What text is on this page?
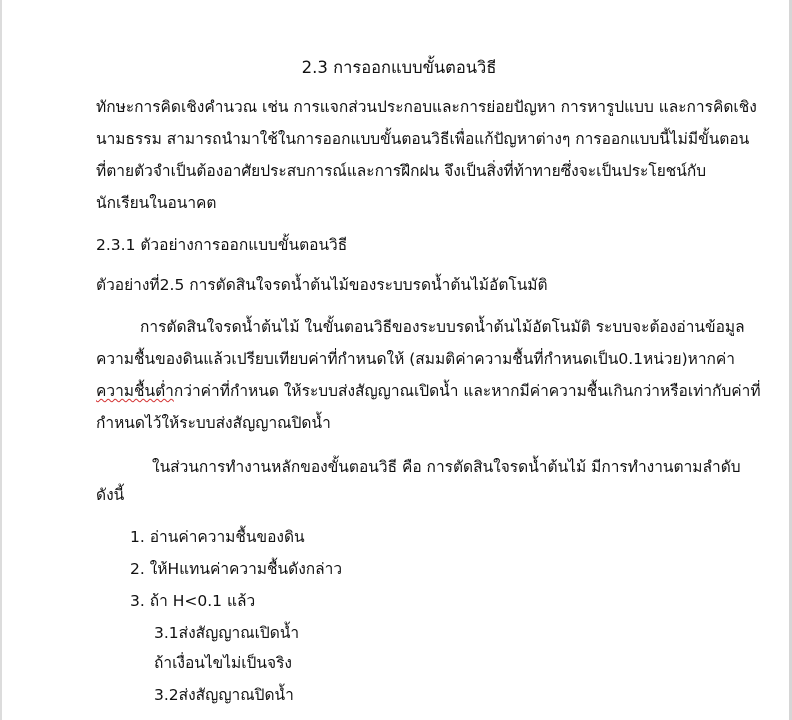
2.3 การออกแบบขั้นตอนวิธี
ทักษะการคิดเชิงคำนวณ เช่น การแจกส่วนประกอบและการย่อยปัญหา การหารูปแบบ และการคิดเชิง
นามธรรม สามารถนำมาใช้ในการออกแบบขั้นตอนวิธีเพื่อแก้ปัญหาต่างๆ การออกแบบนี้ไม่มีขั้นตอน
ที่ตายตัวจำเป็นต้องอาศัยประสบการณ์และการฝึกฝน จึงเป็นสิ่งที่ท้าทายซึ่งจะเป็นประโยชน์กับ
นักเรียนในอนาคต
2.3.1 ตัวอย่างการออกแบบขั้นตอนวิธี
ตัวอย่างที่2.5 การตัดสินใจรดน้ำต้นไม้ของระบบรดน้ำต้นไม้อัตโนมัติ
การตัดสินใจรดน้ำต้นไม้ ในขั้นตอนวิธีของระบบรดน้ำต้นไม้อัตโนมัติ ระบบจะต้องอ่านข้อมูล
ความชื้นของดินแล้วเปรียบเทียบค่าที่กำหนดให้ (สมมติค่าความชื้นที่กำหนดเป็น0.1หน่วย)หากค่า
ความชื้นต่ำกว่าค่าที่กำหนด ให้ระบบส่งสัญญาณเปิดน้ำ และหากมีค่าความชื้นเกินกว่าหรือเท่ากับค่าที่
กำหนดไว้ให้ระบบส่งสัญญาณปิดน้ำ
ในส่วนการทำงานหลักของขั้นตอนวิธี คือ การตัดสินใจรดน้ำต้นไม้ มีการทำงานตามลำดับ
ดังนี้
1. อ่านค่าความชื้นของดิน
2. ให้Hแทนค่าความชื้นดังกล่าว
3. ถ้า H<0.1 แล้ว
3.1ส่งสัญญาณเปิดน้ำ
ถ้าเงื่อนไขไม่เป็นจริง
3.2ส่งสัญญาณปิดน้ำ
